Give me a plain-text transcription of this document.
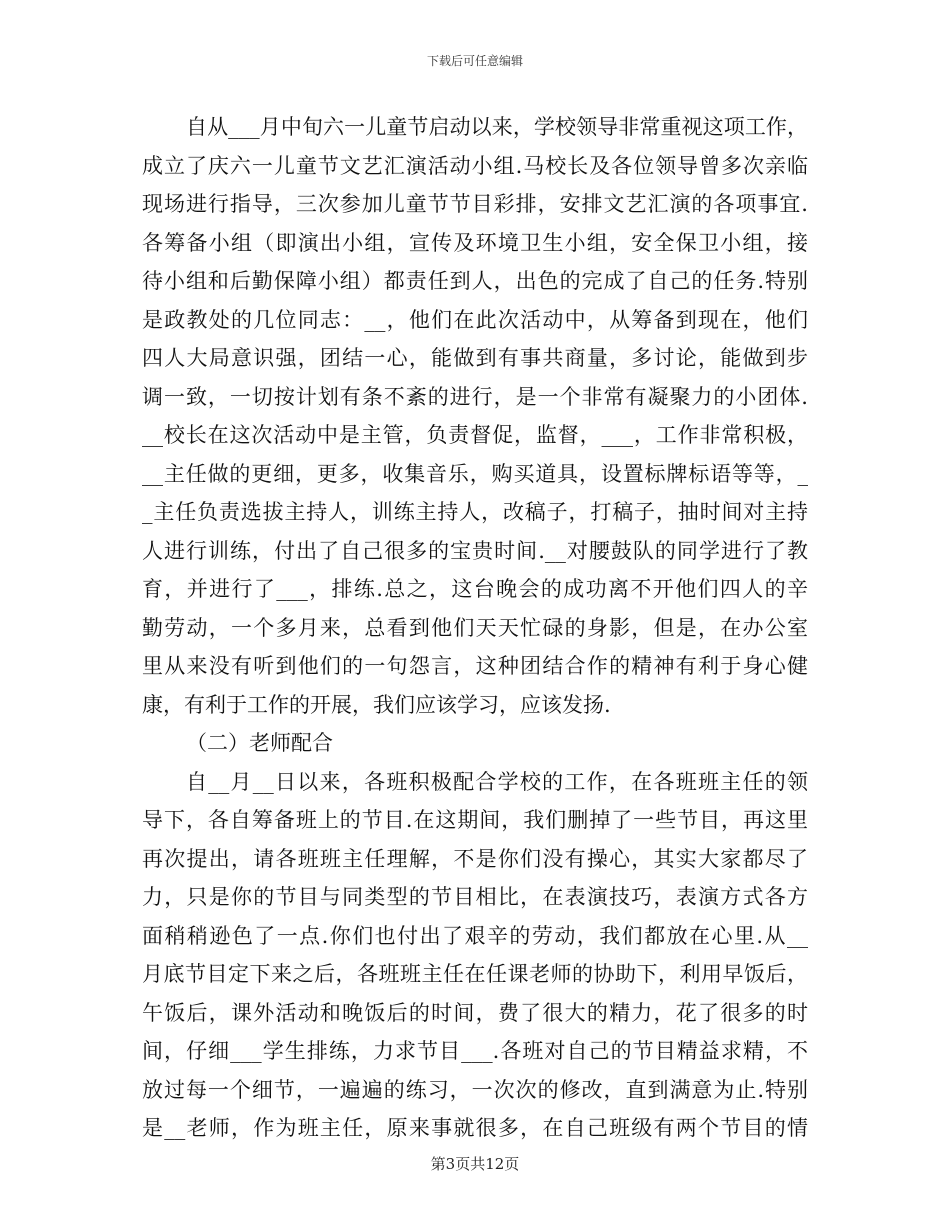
下载后可任意编辑
自从___月中旬六一儿童节启动以来，学校领导非常重视这项工作，
成立了庆六一儿童节文艺汇演活动小组.马校长及各位领导曾多次亲临
现场进行指导，三次参加儿童节节目彩排，安排文艺汇演的各项事宜.
各筹备小组（即演出小组，宣传及环境卫生小组，安全保卫小组，接
待小组和后勤保障小组）都责任到人，出色的完成了自己的任务.特别
是政教处的几位同志：__，他们在此次活动中，从筹备到现在，他们
四人大局意识强，团结一心，能做到有事共商量，多讨论，能做到步
调一致，一切按计划有条不紊的进行，是一个非常有凝聚力的小团体.
__校长在这次活动中是主管，负责督促，监督，___，工作非常积极，
__主任做的更细，更多，收集音乐，购买道具，设置标牌标语等等，_
_主任负责选拔主持人，训练主持人，改稿子，打稿子，抽时间对主持
人进行训练，付出了自己很多的宝贵时间.__对腰鼓队的同学进行了教
育，并进行了___，排练.总之，这台晚会的成功离不开他们四人的辛
勤劳动，一个多月来，总看到他们天天忙碌的身影，但是，在办公室
里从来没有听到他们的一句怨言，这种团结合作的精神有利于身心健
康，有利于工作的开展，我们应该学习，应该发扬.
（二）老师配合
自__月__日以来，各班积极配合学校的工作，在各班班主任的领
导下，各自筹备班上的节目.在这期间，我们删掉了一些节目，再这里
再次提出，请各班班主任理解，不是你们没有操心，其实大家都尽了
力，只是你的节目与同类型的节目相比，在表演技巧，表演方式各方
面稍稍逊色了一点.你们也付出了艰辛的劳动，我们都放在心里.从__
月底节目定下来之后，各班班主任在任课老师的协助下，利用早饭后，
午饭后，课外活动和晚饭后的时间，费了很大的精力，花了很多的时
间，仔细___学生排练，力求节目___.各班对自己的节目精益求精，不
放过每一个细节，一遍遍的练习，一次次的修改，直到满意为止.特别
是__老师，作为班主任，原来事就很多，在自己班级有两个节目的情
第3页共12页
